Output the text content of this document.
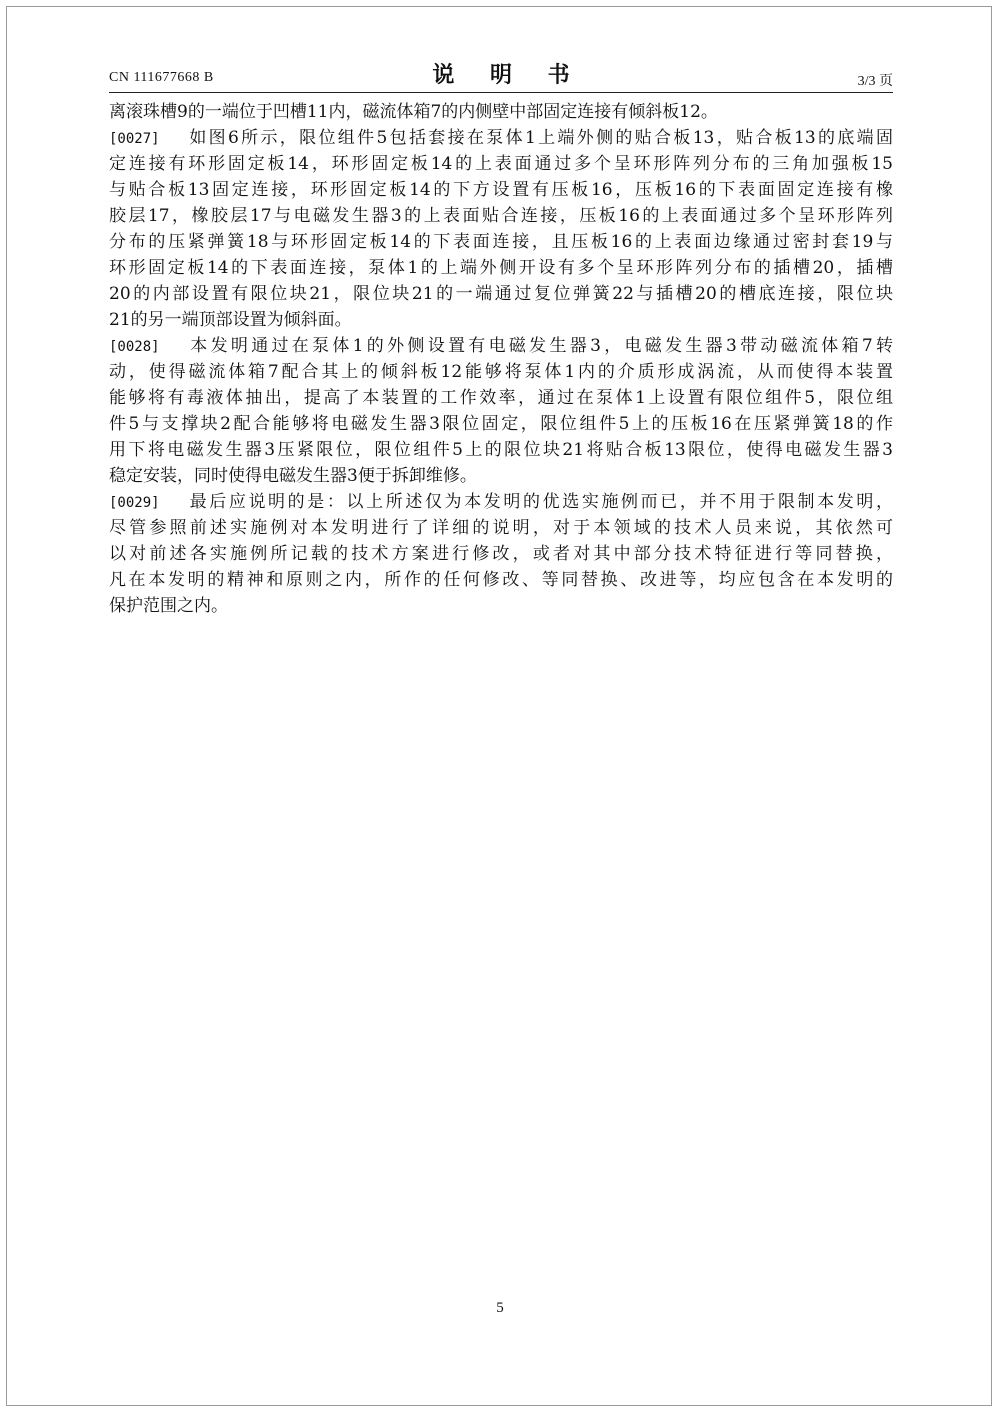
CN 111677668 B	说 明 书	3/3 页
离滚珠槽9的一端位于凹槽11内，磁流体箱7的内侧壁中部固定连接有倾斜板12。
[0027] 如图6所示，限位组件5包括套接在泵体1上端外侧的贴合板13，贴合板13的底端固
定连接有环形固定板14，环形固定板14的上表面通过多个呈环形阵列分布的三角加强板15
与贴合板13固定连接，环形固定板14的下方设置有压板16，压板16的下表面固定连接有橡
胶层17，橡胶层17与电磁发生器3的上表面贴合连接，压板16的上表面通过多个呈环形阵列
分布的压紧弹簧18与环形固定板14的下表面连接，且压板16的上表面边缘通过密封套19与
环形固定板14的下表面连接，泵体1的上端外侧开设有多个呈环形阵列分布的插槽20，插槽
20的内部设置有限位块21，限位块21的一端通过复位弹簧22与插槽20的槽底连接，限位块
21的另一端顶部设置为倾斜面。
[0028] 本发明通过在泵体1的外侧设置有电磁发生器3，电磁发生器3带动磁流体箱7转
动，使得磁流体箱7配合其上的倾斜板12能够将泵体1内的介质形成涡流，从而使得本装置
能够将有毒液体抽出，提高了本装置的工作效率，通过在泵体1上设置有限位组件5，限位组
件5与支撑块2配合能够将电磁发生器3限位固定，限位组件5上的压板16在压紧弹簧18的作
用下将电磁发生器3压紧限位，限位组件5上的限位块21将贴合板13限位，使得电磁发生器3
稳定安装，同时使得电磁发生器3便于拆卸维修。
[0029] 最后应说明的是：以上所述仅为本发明的优选实施例而已，并不用于限制本发明，
尽管参照前述实施例对本发明进行了详细的说明，对于本领域的技术人员来说，其依然可
以对前述各实施例所记载的技术方案进行修改，或者对其中部分技术特征进行等同替换，
凡在本发明的精神和原则之内，所作的任何修改、等同替换、改进等，均应包含在本发明的
保护范围之内。
5
